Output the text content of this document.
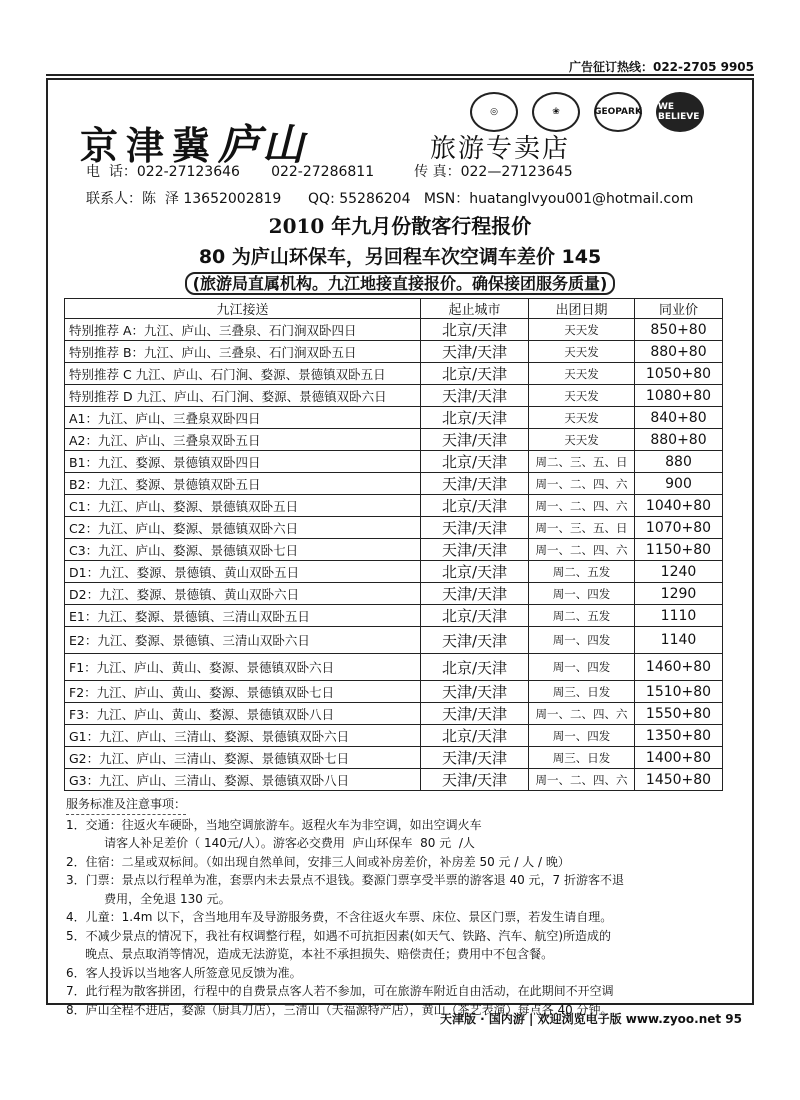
广告征订热线：022-2705 9905
京津冀庐山	旅游专卖店
◎	❀	GEOPARK WE BELIEVE
电  话：022-27123646       022-27286811         传 真：022—27123645
联系人：陈  泽 13652002819      QQ: 55286204   MSN：huatanglvyou001@hotmail.com
2010 年九月份散客行程报价
80 为庐山环保车，另回程车次空调车差价 145
(旅游局直属机构。九江地接直接报价。确保接团服务质量)
九江接送	起止城市	出团日期	同业价
特别推荐 A：九江、庐山、三叠泉、石门涧双卧四日	北京/天津	天天发	850+80
特别推荐 B：九江、庐山、三叠泉、石门涧双卧五日	天津/天津	天天发	880+80
特别推荐 C 九江、庐山、石门涧、婺源、景德镇双卧五日	北京/天津	天天发	1050+80
特别推荐 D 九江、庐山、石门涧、婺源、景德镇双卧六日	天津/天津	天天发	1080+80
A1：九江、庐山、三叠泉双卧四日	北京/天津	天天发	840+80
A2：九江、庐山、三叠泉双卧五日	天津/天津	天天发	880+80
B1：九江、婺源、景德镇双卧四日	北京/天津	周二、三、五、日	880
B2：九江、婺源、景德镇双卧五日	天津/天津	周一、二、四、六	900
C1：九江、庐山、婺源、景德镇双卧五日	北京/天津	周一、二、四、六	1040+80
C2：九江、庐山、婺源、景德镇双卧六日	天津/天津	周一、三、五、日	1070+80
C3：九江、庐山、婺源、景德镇双卧七日	天津/天津	周一、二、四、六	1150+80
D1：九江、婺源、景德镇、黄山双卧五日	北京/天津	周二、五发	1240
D2：九江、婺源、景德镇、黄山双卧六日	天津/天津	周一、四发	1290
E1：九江、婺源、景德镇、三清山双卧五日	北京/天津	周二、五发	1110
E2：九江、婺源、景德镇、三清山双卧六日	天津/天津	周一、四发	1140
F1：九江、庐山、黄山、婺源、景德镇双卧六日	北京/天津	周一、四发	1460+80
F2：九江、庐山、黄山、婺源、景德镇双卧七日	天津/天津	周三、日发	1510+80
F3：九江、庐山、黄山、婺源、景德镇双卧八日	天津/天津	周一、二、四、六	1550+80
G1：九江、庐山、三清山、婺源、景德镇双卧六日	北京/天津	周一、四发	1350+80
G2：九江、庐山、三清山、婺源、景德镇双卧七日	天津/天津	周三、日发	1400+80
G3：九江、庐山、三清山、婺源、景德镇双卧八日	天津/天津	周一、二、四、六	1450+80
服务标准及注意事项：
1．交通：往返火车硬卧，当地空调旅游车。返程火车为非空调，如出空调火车
请客人补足差价（ 140元/人）。游客必交费用  庐山环保车  80 元  /人
2．住宿：二星或双标间。（如出现自然单间，安排三人间或补房差价，补房差 50 元 / 人 / 晚）
3．门票：景点以行程单为准，套票内未去景点不退钱。婺源门票享受半票的游客退 40 元，7 折游客不退
费用，全免退 130 元。
4．儿童：1.4m 以下，含当地用车及导游服务费，不含往返火车票、床位、景区门票，若发生请自理。
5．不减少景点的情况下，我社有权调整行程，如遇不可抗拒因素(如天气、铁路、汽车、航空)所造成的
晚点、景点取消等情况，造成无法游览，本社不承担损失、赔偿责任；费用中不包含餐。
6．客人投诉以当地客人所签意见反馈为准。
7．此行程为散客拼团，行程中的自费景点客人若不参加，可在旅游车附近自由活动，在此期间不开空调
8．庐山全程不进店，婺源（厨具刀店），三清山（天福源特产店），黄山（茶艺表演）每点各 40 分钟。
天津版 · 国内游 | 欢迎浏览电子版 www.zyoo.net 95
